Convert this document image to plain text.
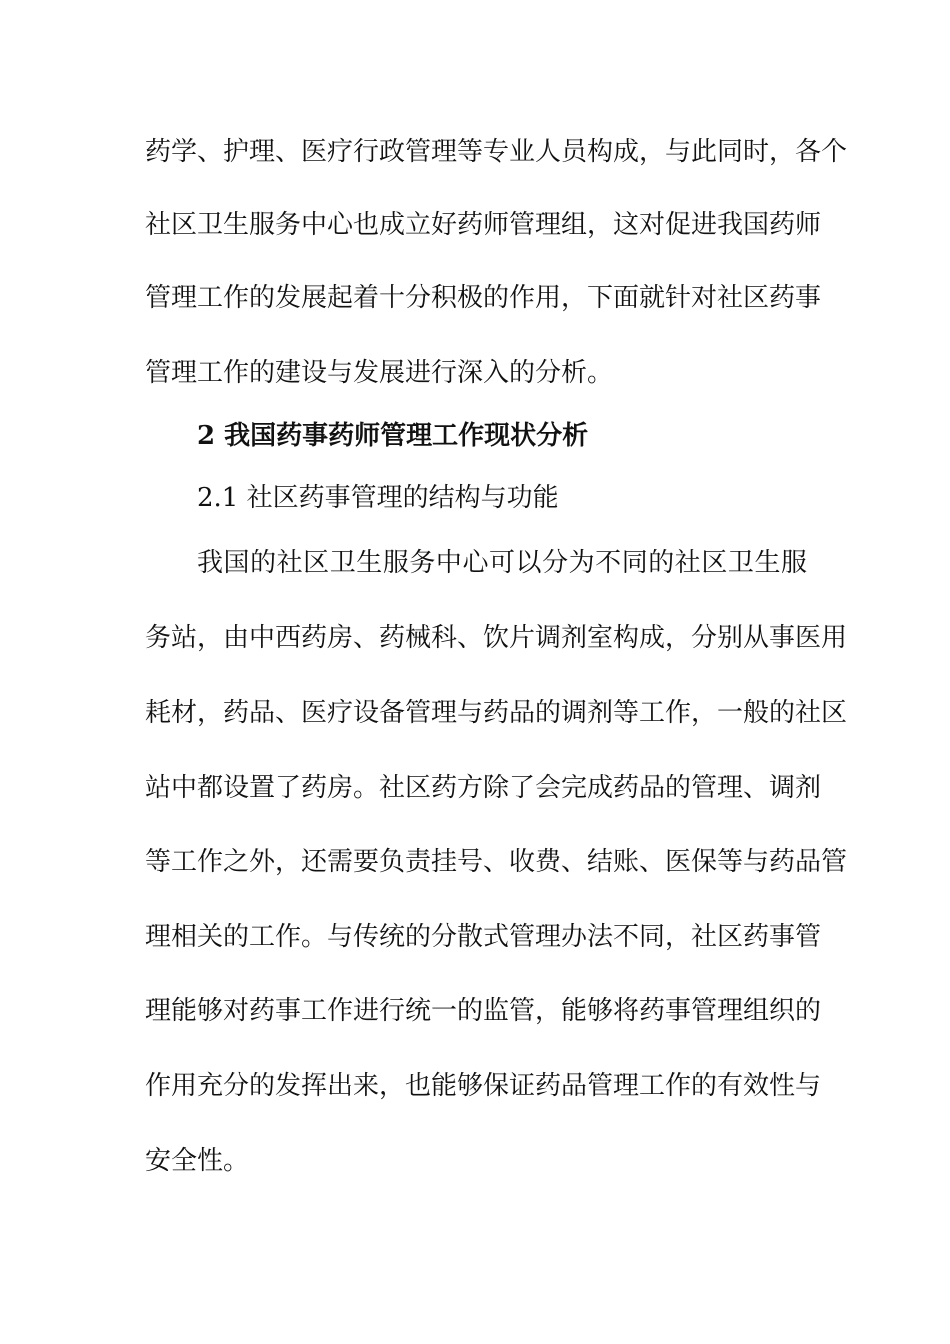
药学、护理、医疗行政管理等专业人员构成，与此同时，各个
社区卫生服务中心也成立好药师管理组，这对促进我国药师
管理工作的发展起着十分积极的作用，下面就针对社区药事
管理工作的建设与发展进行深入的分析。
2 我国药事药师管理工作现状分析
2.1 社区药事管理的结构与功能
我国的社区卫生服务中心可以分为不同的社区卫生服
务站，由中西药房、药械科、饮片调剂室构成，分别从事医用
耗材，药品、医疗设备管理与药品的调剂等工作，一般的社区
站中都设置了药房。社区药方除了会完成药品的管理、调剂
等工作之外，还需要负责挂号、收费、结账、医保等与药品管
理相关的工作。与传统的分散式管理办法不同，社区药事管
理能够对药事工作进行统一的监管，能够将药事管理组织的
作用充分的发挥出来，也能够保证药品管理工作的有效性与
安全性。
